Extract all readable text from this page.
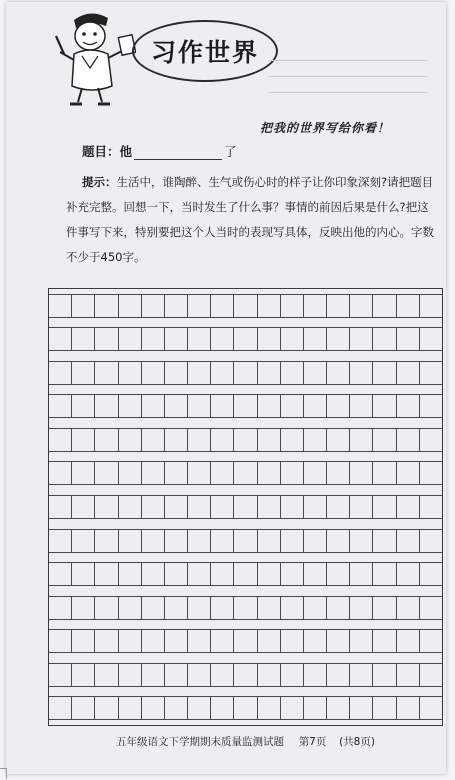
习作世界
把我的世界写给你看！
题目：他	了
提示：生活中，谁陶醉、生气或伤心时的样子让你印象深刻?请把题目补充完整。回想一下，当时发生了什么事？事情的前因后果是什么?把这件事写下来，特别要把这个人当时的表现写具体，反映出他的内心。字数不少于450字。
五年级语文下学期期末质量监测试题 第7页 (共8页)
